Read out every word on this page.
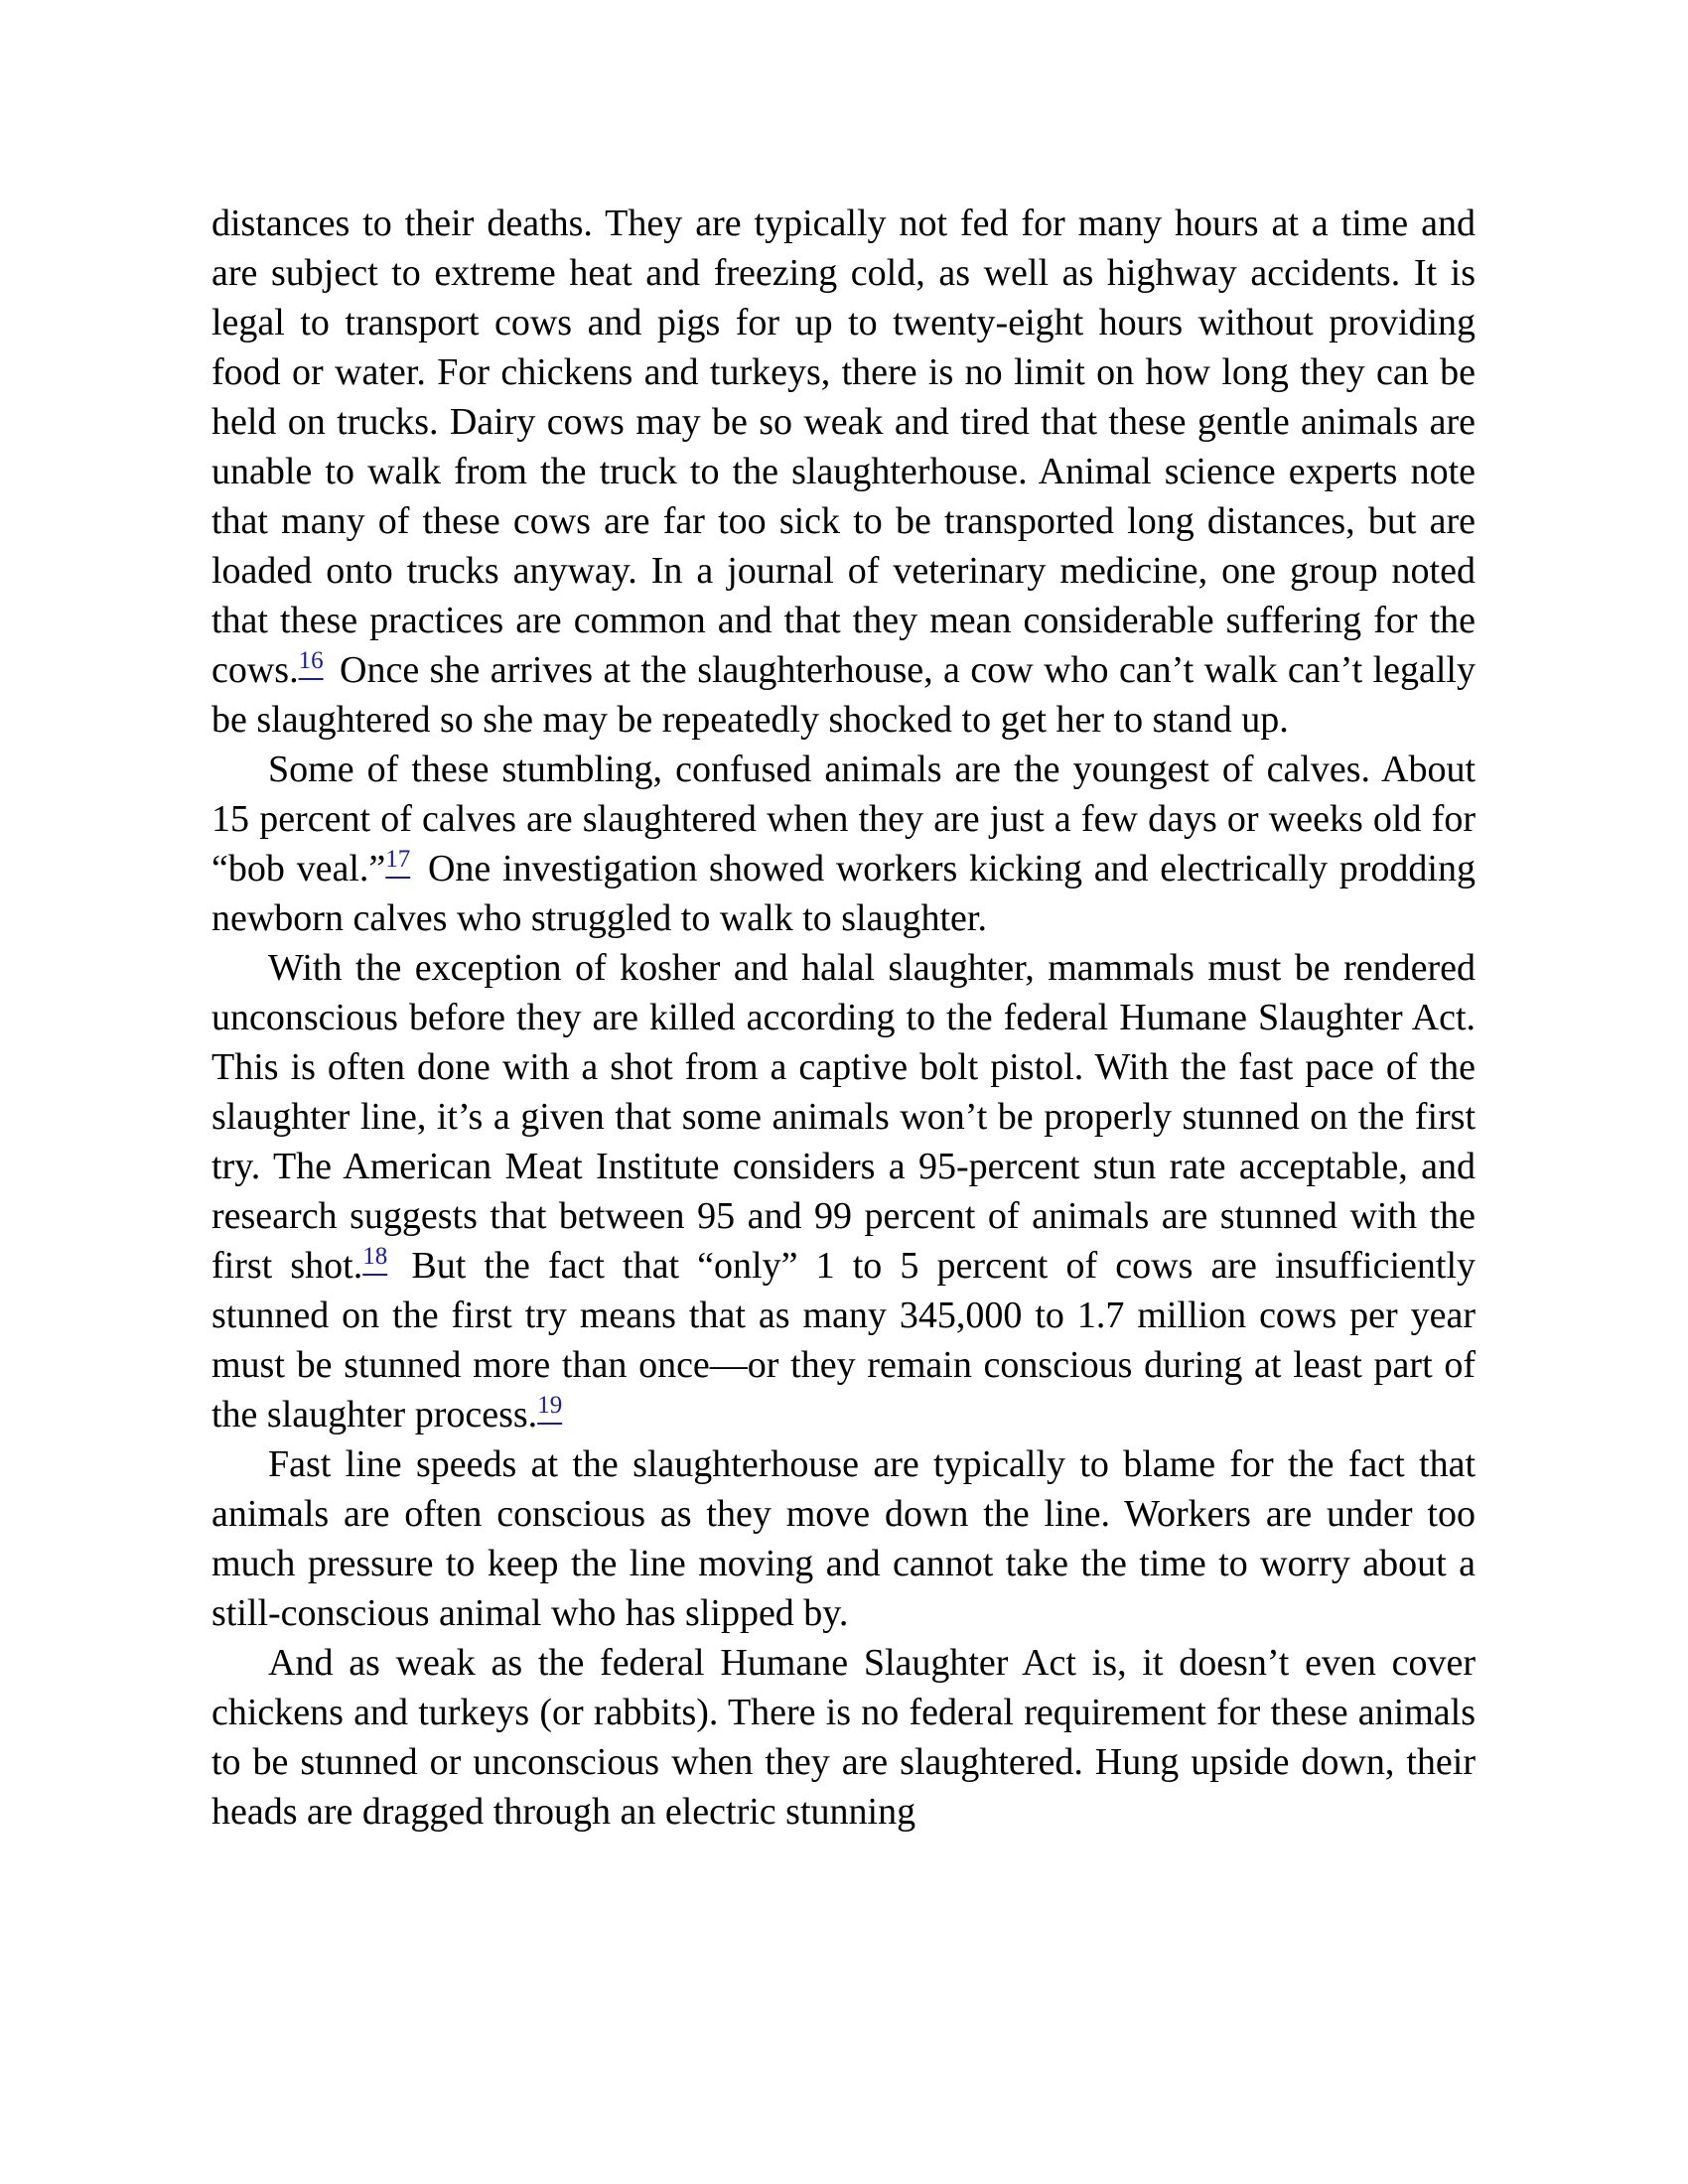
distances to their deaths. They are typically not fed for many hours at a time and are subject to extreme heat and freezing cold, as well as highway accidents. It is legal to transport cows and pigs for up to twenty-eight hours without providing food or water. For chickens and turkeys, there is no limit on how long they can be held on trucks. Dairy cows may be so weak and tired that these gentle animals are unable to walk from the truck to the slaughterhouse. Animal science experts note that many of these cows are far too sick to be transported long distances, but are loaded onto trucks anyway. In a journal of veterinary medicine, one group noted that these practices are common and that they mean considerable suffering for the cows.$^{16}$ Once she arrives at the slaughterhouse, a cow who can’t walk can’t legally be slaughtered so she may be repeatedly shocked to get her to stand up.

Some of these stumbling, confused animals are the youngest of calves. About 15 percent of calves are slaughtered when they are just a few days or weeks old for “bob veal.”$^{17}$ One investigation showed workers kicking and electrically prodding newborn calves who struggled to walk to slaughter.

With the exception of kosher and halal slaughter, mammals must be rendered unconscious before they are killed according to the federal Humane Slaughter Act. This is often done with a shot from a captive bolt pistol. With the fast pace of the slaughter line, it’s a given that some animals won’t be properly stunned on the first try. The American Meat Institute considers a 95-percent stun rate acceptable, and research suggests that between 95 and 99 percent of animals are stunned with the first shot.$^{18}$ But the fact that “only” 1 to 5 percent of cows are insufficiently stunned on the first try means that as many 345,000 to 1.7 million cows per year must be stunned more than once—or they remain conscious during at least part of the slaughter process.$^{19}$

Fast line speeds at the slaughterhouse are typically to blame for the fact that animals are often conscious as they move down the line. Workers are under too much pressure to keep the line moving and cannot take the time to worry about a still-conscious animal who has slipped by.

And as weak as the federal Humane Slaughter Act is, it doesn’t even cover chickens and turkeys (or rabbits). There is no federal requirement for these animals to be stunned or unconscious when they are slaughtered. Hung upside down, their heads are dragged through an electric stunning
